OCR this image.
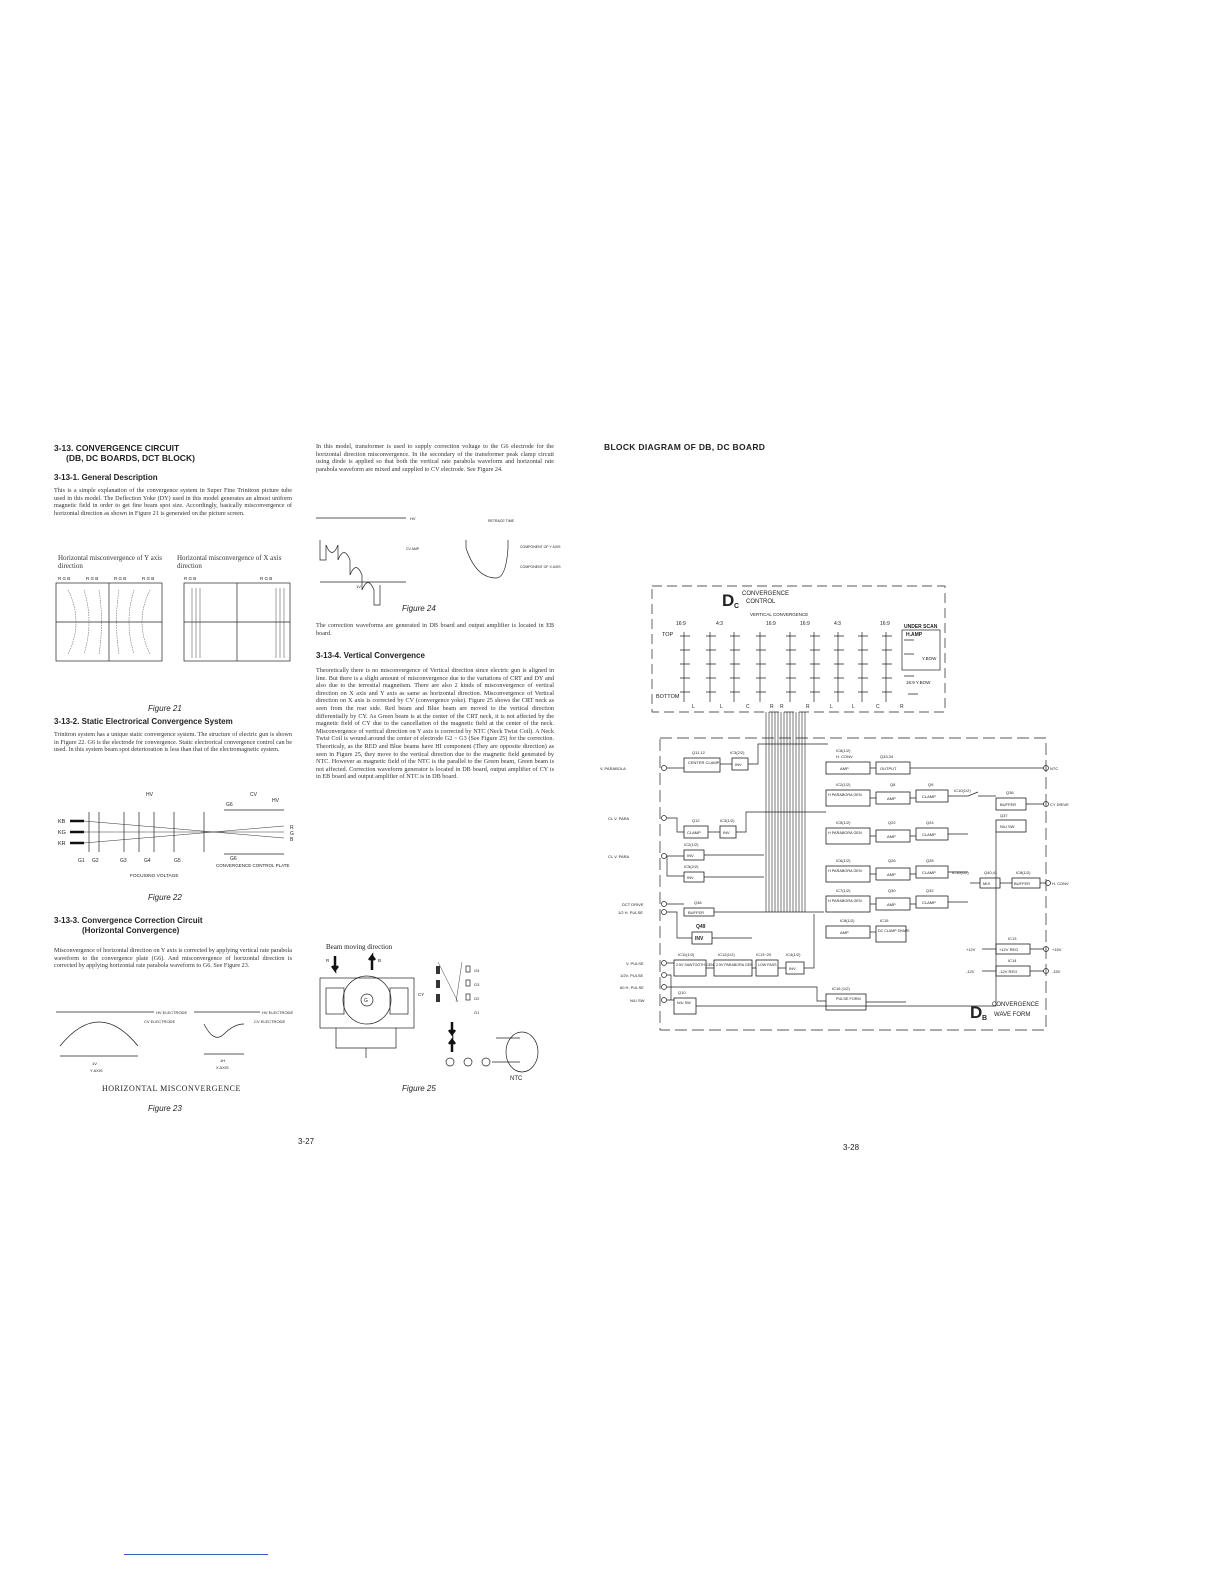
3-13. CONVERGENCE CIRCUIT
(DB, DC BOARDS, DCT BLOCK)
3-13-1. General Description
This is a simple explanation of the convergence system in Super Fine Trinitron picture tube used in this model. The Deflection Yoke (DY) used in this model generates an almost uniform magnetic field in order to get fine beam spot size. Accordingly, basically misconvergence of horizontal direction as shown in Figure 21 is generated on the picture screen.
Horizontal misconvergence of Y axis direction
Horizontal misconvergence of X axis direction
R G B	R G B	R G B	R G B	R G B	R G B
Figure 21
3-13-2. Static Electrorical Convergence System
Trinitron system has a unique static convergence system. The structure of electric gun is shown in Figure 22. G6 is the electrode for convergence. Static electrorical convergence control can be used. In this system beam spot deterioration is less than that of the electromagnetic system.
HV	CV
HV
G6
KB
KG
KR
R
G
B
G6
G1 G2	G3	G4	G5
CONVERGENCE CONTROL PLATE
FOCUSING VOLTAGE
Figure 22
3-13-3. Convergence Correction Circuit
(Horizontal Convergence)
Misconvergence of horizontal direction on Y axis is corrected by applying vertical rate parabola waveform to the convergence plate (G6). And misconvergence of horizontal direction is corrected by applying horizontal rate parabola waveform to G6. See Figure 23.
HV ELECTRODE
CV ELECTRODE
1V
Y AXIS
HV ELECTRODE
CV ELECTRODE
1H
X AXIS
HORIZONTAL MISCONVERGENCE
Figure 23
In this model, transformer is used to supply correction voltage to the G6 electrode for the horizontal direction misconvergence. In the secondary of the transformer peak clamp circuit using diode is applied so that both the vertical rate parabola waveform and horizontal rate parabola waveform are mixed and supplied to CV electrode. See Figure 24.
HV
1V
RETRACE TIME
CV AMP	COMPONENT OF Y AXIS
COMPONENT OF X AXIS
Figure 24
The correction waveforms are generated in DB board and output amplifier is located in EB board.
3-13-4. Vertical Convergence
Theoretically there is no misconvergence of Vertical direction since electric gun is aligned in line. But there is a slight amount of misconvergence due to the variations of CRT and DY and also due to the terrestial magnetism. There are also 2 kinds of misconvergence of vertical direction on X axis and Y axis as same as horizontal direction. Misconvergence of Vertical direction on X axis is corrected by CV (convergence yoke). Figure 25 shows the CRT neck as seen from the rear side. Red beam and Blue beam are moved to the vertical direction differentially by CY. As Green beam is at the center of the CRT neck, it is not affected by the magnetic field of CY due to the cancellation of the magnetic field at the center of the neck. Misconvergence of vertical direction on Y axis is corrected by NTC (Neck Twist Coil). A Neck Twist Coil is wound around the center of electrode G2 ~ G3 (See Figure 25) for the correction. Theorticaly, as the RED and Blue beams have HI component (They are opposite direction) as seen in Figure 25, they move to the vertical direction due to the magnetic field generated by NTC. However as magnetic field of the NTC is the parallel to the Green beam, Green beam is not affected. Correction waveform generator is located in DB board, output amplifier of CY is in EB board and output amplifier of NTC is in DB board.
Beam moving direction
R	B
G
CY
G4
G3
G2
G1
NTC
Figure 25
3-27
BLOCK DIAGRAM OF DB, DC BOARD
D C
CONVERGENCE
CONTROL
VERTICAL CONVERGENCE
16:9	4:3	16:9	16:9	4:3	16:9
TOP
BOTTOM
UNDER SCAN
H.AMP
Y.BOW
16:9 Y.BOW
L	L	C	R R	R	L	L	C	R
V. PARABOLA
CL V. PARA
CL V. PARA
DCT DRIVE
1/2 H. PULSE
V. PULSE
1/2V. PULSE
60 H. PULSE
N/U SW
Q11,12	IC3(2/2)
CENTER CLAMP	INV
IC6(1/2)
H. CONV
AMP
Q33,34
OUTPUT	NTC
IC2(1/2)
H PARABORA GEN
Q8
AMP
Q9
CLAMP
IC10(1/2)	Q36
BUFFER
Q37
N/U SW
CY DRIVE
Q12	IC3(1/2)
CLAMP	INV
IC2(1/2)
INV
IC5(2/2)
INV
IC5(1/2)
H PARABORA GEN
Q22
AMP
Q24
CLAMP
IC6(1/2)
H PARABORA GEN
Q26
AMP
Q28
CLAMP	IC10(1/2)	Q40,41
MIX
IC8(1/2)
BUFFER	H. CONV
IC7(1/2)
H PARABORA GEN
Q30
AMP
Q32
CLAMP
Q38
BUFFER
Q49
INV
IC8(1/2)
AMP
IC15
DC CLAMP SHAPE
IC13
+12V REG
IC14
-12V REG
+12V
-12V
+15V
-15V
IC11(1/2)
2.5V SAWTOOTH GEN
IC12(1/2)
2.5V PARABORA GEN
IC13~20
LOW PASS
IC4(1/2)
INV
IC16 (1/2)
PULSE FORM
Q10
N/U SW	D B
CONVERGENCE
WAVE FORM
3-28
